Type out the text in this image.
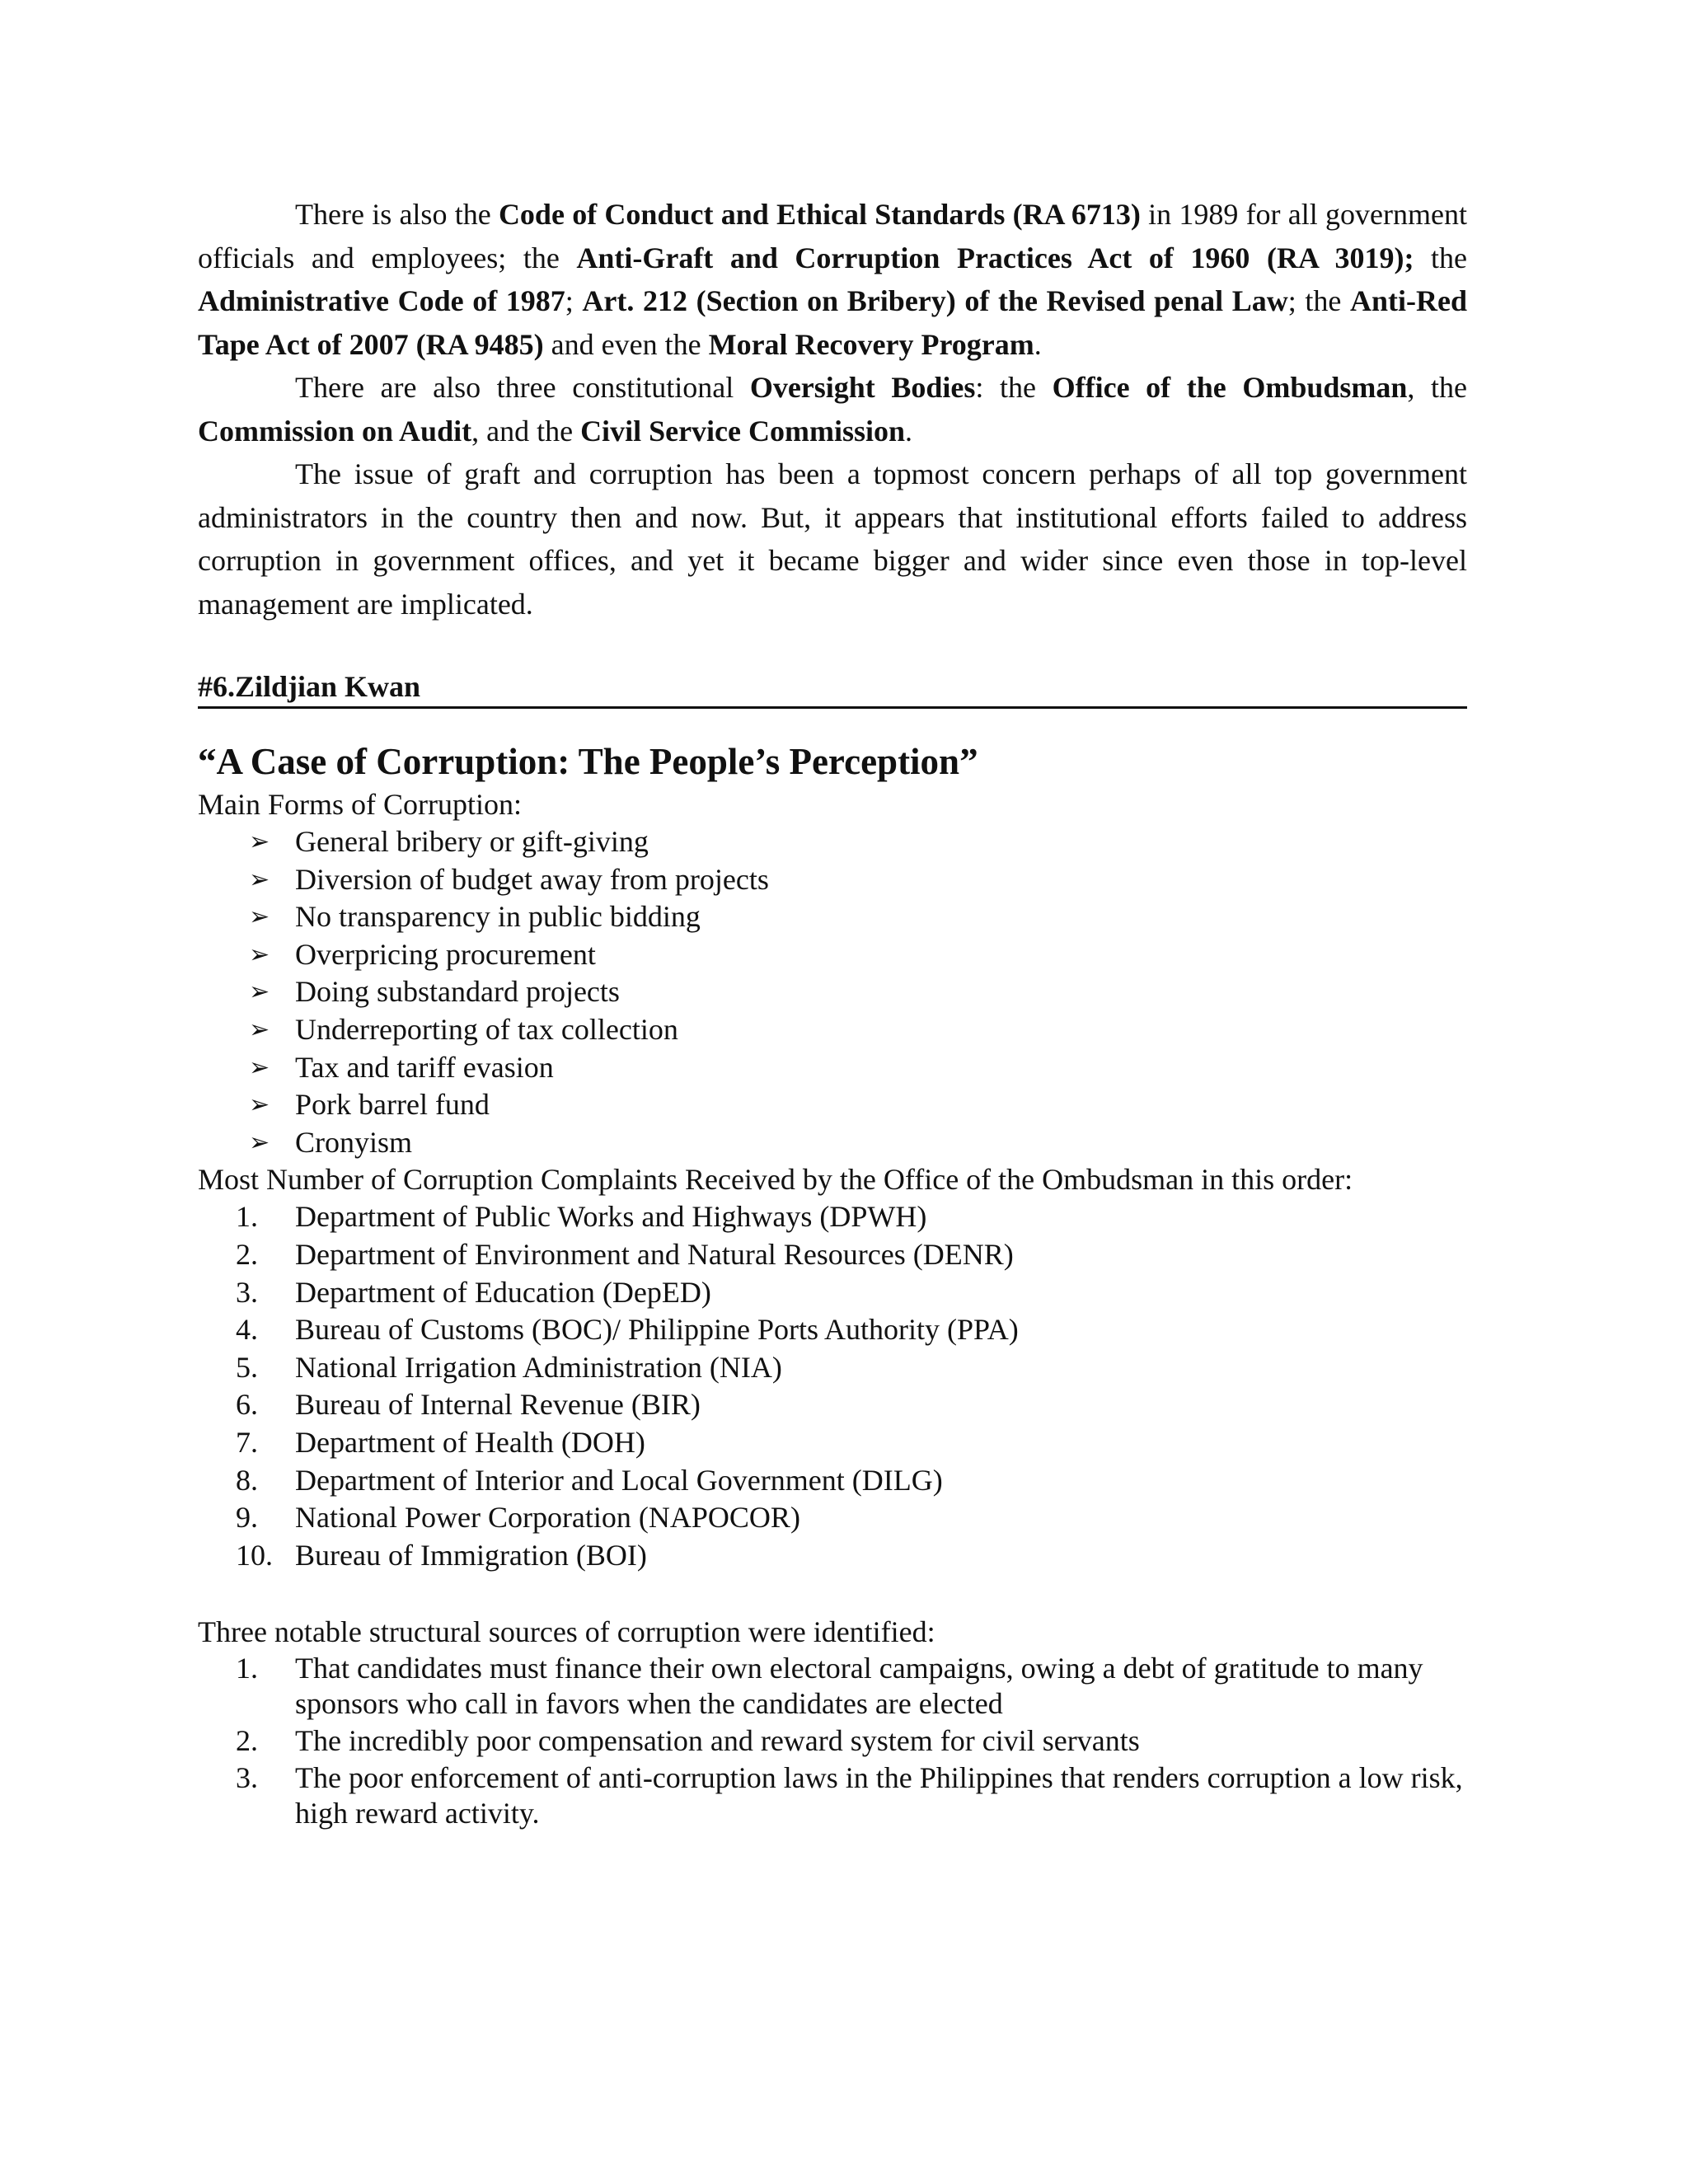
There is also the Code of Conduct and Ethical Standards (RA 6713) in 1989 for all government officials and employees; the Anti-Graft and Corruption Practices Act of 1960 (RA 3019); the Administrative Code of 1987; Art. 212 (Section on Bribery) of the Revised penal Law; the Anti-Red Tape Act of 2007 (RA 9485) and even the Moral Recovery Program.

There are also three constitutional Oversight Bodies: the Office of the Ombudsman, the Commission on Audit, and the Civil Service Commission.

The issue of graft and corruption has been a topmost concern perhaps of all top government administrators in the country then and now. But, it appears that institutional efforts failed to address corruption in government offices, and yet it became bigger and wider since even those in top-level management are implicated.

#6.Zildjian Kwan
“A Case of Corruption: The People’s Perception”

Main Forms of Corruption:

➢ General bribery or gift-giving
➢ Diversion of budget away from projects
➢ No transparency in public bidding
➢ Overpricing procurement
➢ Doing substandard projects
➢ Underreporting of tax collection
➢ Tax and tariff evasion
➢ Pork barrel fund
➢ Cronyism

Most Number of Corruption Complaints Received by the Office of the Ombudsman in this order:

1.	Department of Public Works and Highways (DPWH)
2.	Department of Environment and Natural Resources (DENR)
3.	Department of Education (DepED)
4.	Bureau of Customs (BOC)/ Philippine Ports Authority (PPA)
5.	National Irrigation Administration (NIA)
6.	Bureau of Internal Revenue (BIR)
7.	Department of Health (DOH)
8.	Department of Interior and Local Government (DILG)
9.	National Power Corporation (NAPOCOR)
10. Bureau of Immigration (BOI)

Three notable structural sources of corruption were identified:

1.	That candidates must finance their own electoral campaigns, owing a debt of gratitude to many sponsors who call in favors when the candidates are elected
2.	The incredibly poor compensation and reward system for civil servants
3.	The poor enforcement of anti-corruption laws in the Philippines that renders corruption a low risk, high reward activity.
